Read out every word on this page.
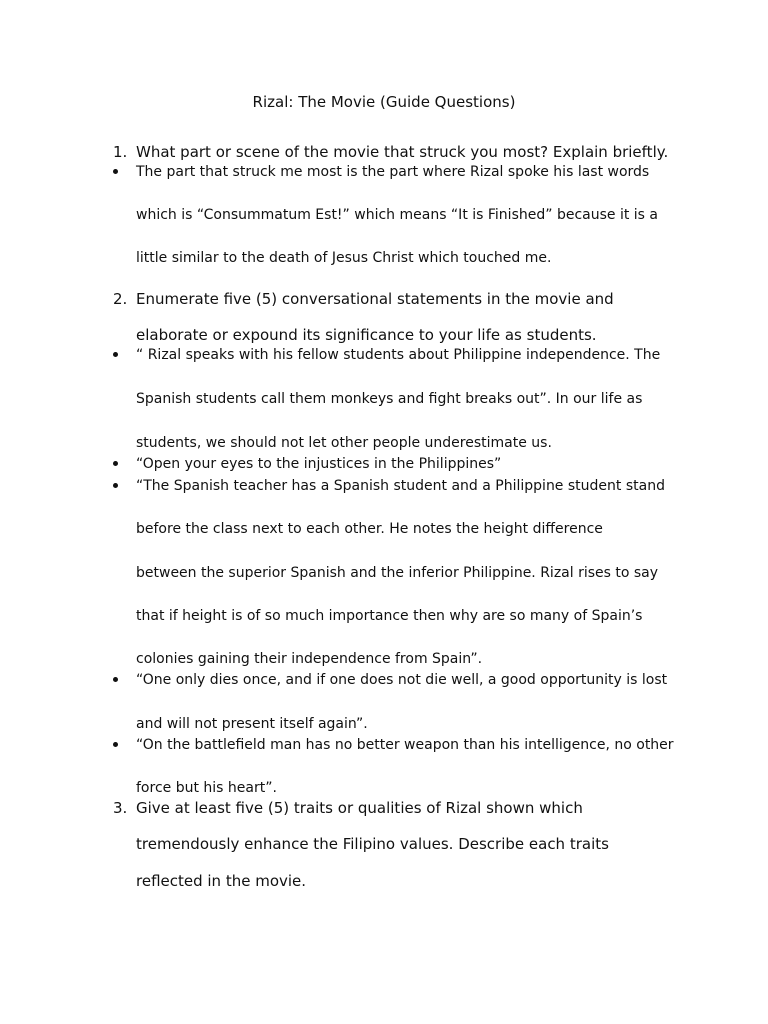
Rizal: The Movie (Guide Questions)
1. What part or scene of the movie that struck you most? Explain brieftly.
The part that struck me most is the part where Rizal spoke his last words
which is “Consummatum Est!” which means “It is Finished” because it is a
little similar to the death of Jesus Christ which touched me.
2. Enumerate five (5) conversational statements in the movie and
elaborate or expound its significance to your life as students.
“ Rizal speaks with his fellow students about Philippine independence. The
Spanish students call them monkeys and fight breaks out”. In our life as
students, we should not let other people underestimate us.
“Open your eyes to the injustices in the Philippines”
“The Spanish teacher has a Spanish student and a Philippine student stand
before the class next to each other. He notes the height difference
between the superior Spanish and the inferior Philippine. Rizal rises to say
that if height is of so much importance then why are so many of Spain’s
colonies gaining their independence from Spain”.
“One only dies once, and if one does not die well, a good opportunity is lost
and will not present itself again”.
“On the battlefield man has no better weapon than his intelligence, no other
force but his heart”.
3. Give at least five (5) traits or qualities of Rizal shown which
tremendously enhance the Filipino values. Describe each traits
reflected in the movie.
